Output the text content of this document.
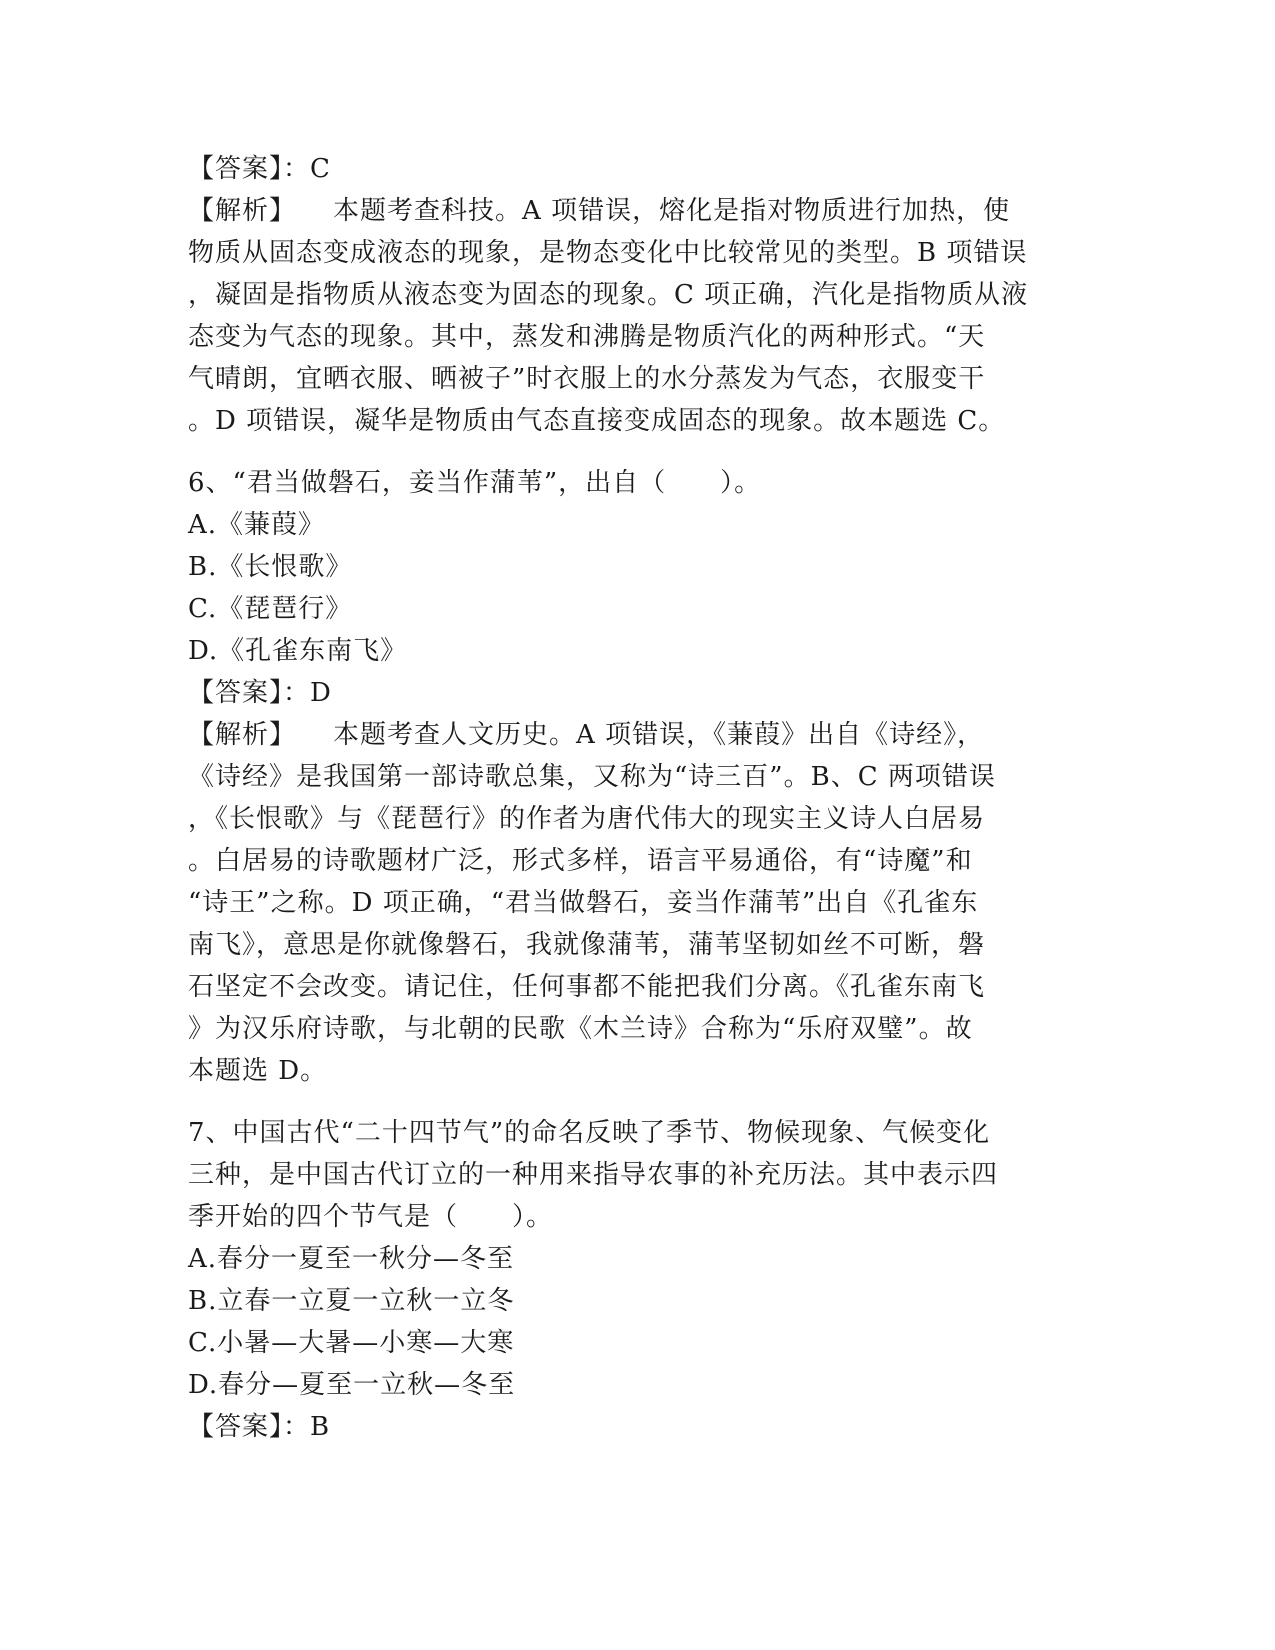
【答案】：C
【解析】    本题考查科技。A 项错误，熔化是指对物质进行加热，使
物质从固态变成液态的现象，是物态变化中比较常见的类型。B 项错误
，凝固是指物质从液态变为固态的现象。C 项正确，汽化是指物质从液
态变为气态的现象。其中，蒸发和沸腾是物质汽化的两种形式。“天
气晴朗，宜晒衣服、晒被子”时衣服上的水分蒸发为气态，衣服变干
。D 项错误，凝华是物质由气态直接变成固态的现象。故本题选 C。
6、“君当做磐石，妾当作蒲苇”，出自（　　）。
A.《蒹葭》
B.《长恨歌》
C.《琵琶行》
D.《孔雀东南飞》
【答案】：D
【解析】    本题考查人文历史。A 项错误，《蒹葭》出自《诗经》，
《诗经》是我国第一部诗歌总集，又称为“诗三百”。B、C 两项错误
，《长恨歌》与《琵琶行》的作者为唐代伟大的现实主义诗人白居易
。白居易的诗歌题材广泛，形式多样，语言平易通俗，有“诗魔”和
“诗王”之称。D 项正确，“君当做磐石，妾当作蒲苇”出自《孔雀东
南飞》，意思是你就像磐石，我就像蒲苇，蒲苇坚韧如丝不可断，磐
石坚定不会改变。请记住，任何事都不能把我们分离。《孔雀东南飞
》为汉乐府诗歌，与北朝的民歌《木兰诗》合称为“乐府双璧”。故
本题选 D。
7、中国古代“二十四节气”的命名反映了季节、物候现象、气候变化
三种，是中国古代订立的一种用来指导农事的补充历法。其中表示四
季开始的四个节气是（　　）。
A.春分一夏至一秋分—冬至
B.立春一立夏一立秋一立冬
C.小暑—大暑—小寒—大寒
D.春分—夏至一立秋—冬至
【答案】：B
